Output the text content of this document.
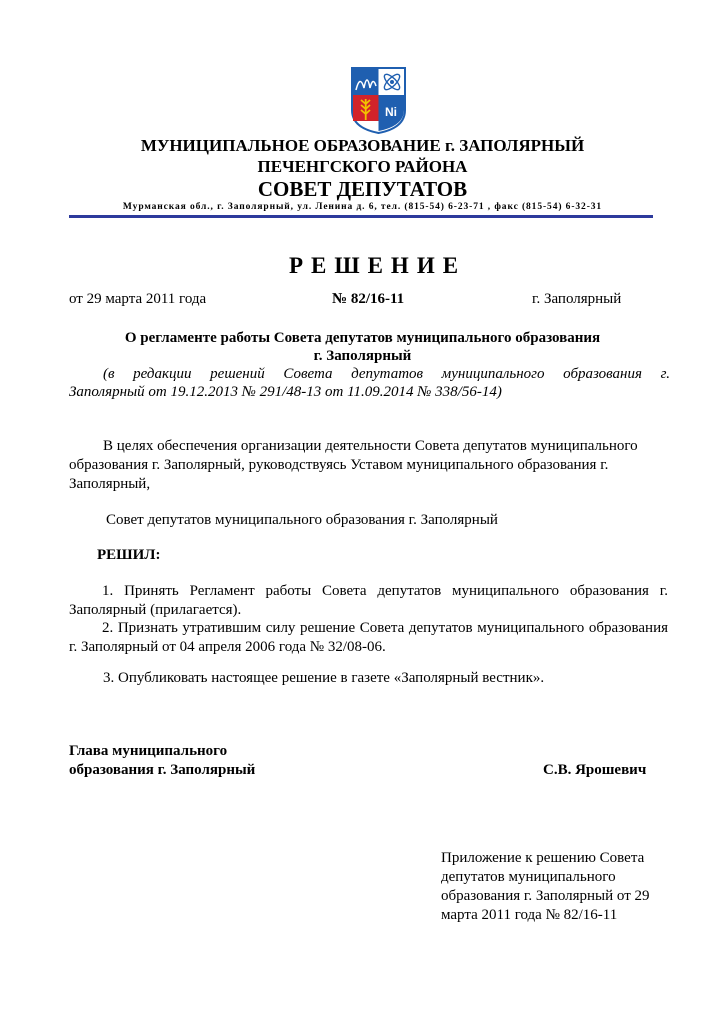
Ni
МУНИЦИПАЛЬНОЕ ОБРАЗОВАНИЕ г. ЗАПОЛЯРНЫЙ
ПЕЧЕНГСКОГО РАЙОНА
СОВЕТ ДЕПУТАТОВ
Мурманская обл., г. Заполярный, ул. Ленина д. 6, тел. (815-54) 6-23-71 , факс (815-54) 6-32-31
РЕШЕНИЕ
от 29 марта 2011 года	№ 82/16-11	г. Заполярный
О регламенте работы Совета депутатов муниципального образования
г. Заполярный
(в редакции решений Совета депутатов муниципального образования г.
Заполярный от 19.12.2013 № 291/48-13 от 11.09.2014 № 338/56-14)
В целях обеспечения организации деятельности Совета депутатов муниципального образования г. Заполярный, руководствуясь Уставом муниципального образования г. Заполярный,
Совет депутатов муниципального образования г. Заполярный
РЕШИЛ:
1. Принять Регламент работы Совета депутатов муниципального образования г. Заполярный (прилагается).
2. Признать утратившим силу решение Совета депутатов муниципального образования г. Заполярный от 04 апреля 2006 года № 32/08-06.
3. Опубликовать настоящее решение в газете «Заполярный вестник».
Глава муниципального
образования г. Заполярный	С.В. Ярошевич
Приложение к решению Совета депутатов муниципального образования г. Заполярный от 29 марта 2011 года № 82/16-11
